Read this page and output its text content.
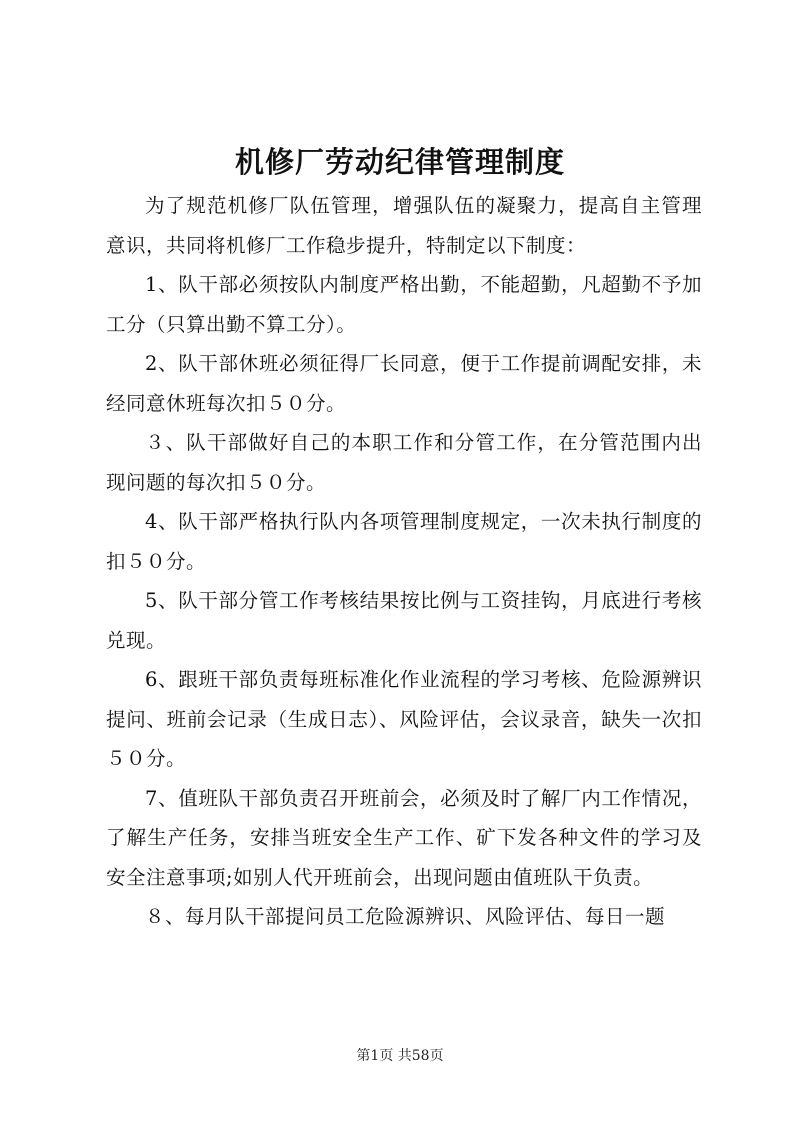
机修厂劳动纪律管理制度

为了规范机修厂队伍管理，增强队伍的凝聚力，提高自主管理意识，共同将机修厂工作稳步提升，特制定以下制度：

1、队干部必须按队内制度严格出勤，不能超勤，凡超勤不予加工分（只算出勤不算工分）。

2、队干部休班必须征得厂长同意，便于工作提前调配安排，未经同意休班每次扣５０分。

３、队干部做好自己的本职工作和分管工作，在分管范围内出现问题的每次扣５０分。

4、队干部严格执行队内各项管理制度规定，一次未执行制度的扣５０分。

5、队干部分管工作考核结果按比例与工资挂钩，月底进行考核兑现。

6、跟班干部负责每班标准化作业流程的学习考核、危险源辨识提问、班前会记录（生成日志）、风险评估，会议录音，缺失一次扣５０分。

7、值班队干部负责召开班前会，必须及时了解厂内工作情况，了解生产任务，安排当班安全生产工作、矿下发各种文件的学习及安全注意事项;如别人代开班前会，出现问题由值班队干负责。

８、每月队干部提问员工危险源辨识、风险评估、每日一题

第1页 共58页
